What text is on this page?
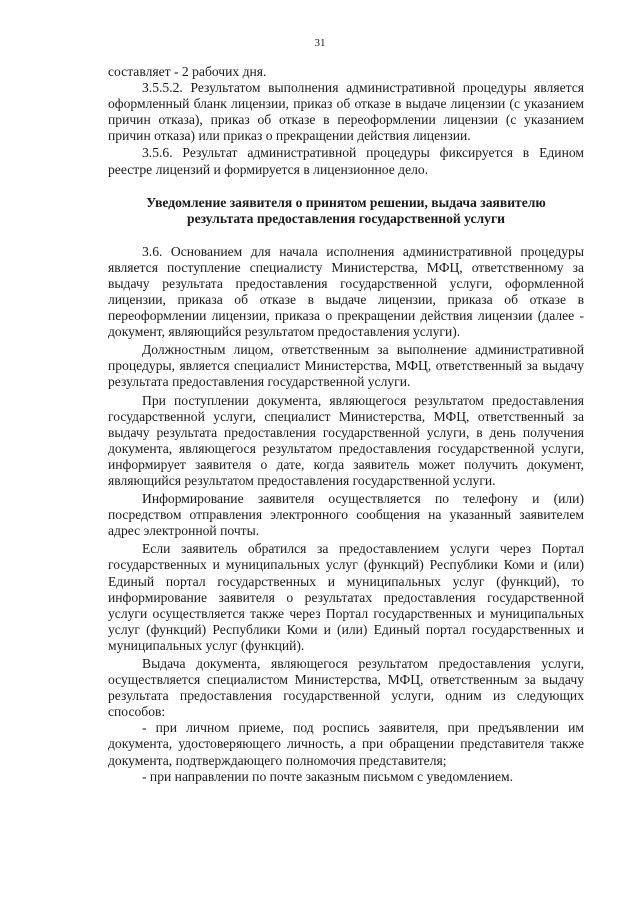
31

составляет - 2 рабочих дня.

3.5.5.2. Результатом выполнения административной процедуры является оформленный бланк лицензии, приказ об отказе в выдаче лицензии (с указанием причин отказа), приказ об отказе в переоформлении лицензии (с указанием причин отказа) или приказ о прекращении действия лицензии.

3.5.6. Результат административной процедуры фиксируется в Едином реестре лицензий и формируется в лицензионное дело.

Уведомление заявителя о принятом решении, выдача заявителю результата предоставления государственной услуги

3.6. Основанием для начала исполнения административной процедуры является поступление специалисту Министерства, МФЦ, ответственному за выдачу результата предоставления государственной услуги, оформленной лицензии, приказа об отказе в выдаче лицензии, приказа об отказе в переоформлении лицензии, приказа о прекращении действия лицензии (далее - документ, являющийся результатом предоставления услуги).

Должностным лицом, ответственным за выполнение административной процедуры, является специалист Министерства, МФЦ, ответственный за выдачу результата предоставления государственной услуги.

При поступлении документа, являющегося результатом предоставления государственной услуги, специалист Министерства, МФЦ, ответственный за выдачу результата предоставления государственной услуги, в день получения документа, являющегося результатом предоставления государственной услуги, информирует заявителя о дате, когда заявитель может получить документ, являющийся результатом предоставления государственной услуги.

Информирование заявителя осуществляется по телефону и (или) посредством отправления электронного сообщения на указанный заявителем адрес электронной почты.

Если заявитель обратился за предоставлением услуги через Портал государственных и муниципальных услуг (функций) Республики Коми и (или) Единый портал государственных и муниципальных услуг (функций), то информирование заявителя о результатах предоставления государственной услуги осуществляется также через Портал государственных и муниципальных услуг (функций) Республики Коми и (или) Единый портал государственных и муниципальных услуг (функций).

Выдача документа, являющегося результатом предоставления услуги, осуществляется специалистом Министерства, МФЦ, ответственным за выдачу результата предоставления государственной услуги, одним из следующих способов:

- при личном приеме, под роспись заявителя, при предъявлении им документа, удостоверяющего личность, а при обращении представителя также документа, подтверждающего полномочия представителя;

- при направлении по почте заказным письмом с уведомлением.
